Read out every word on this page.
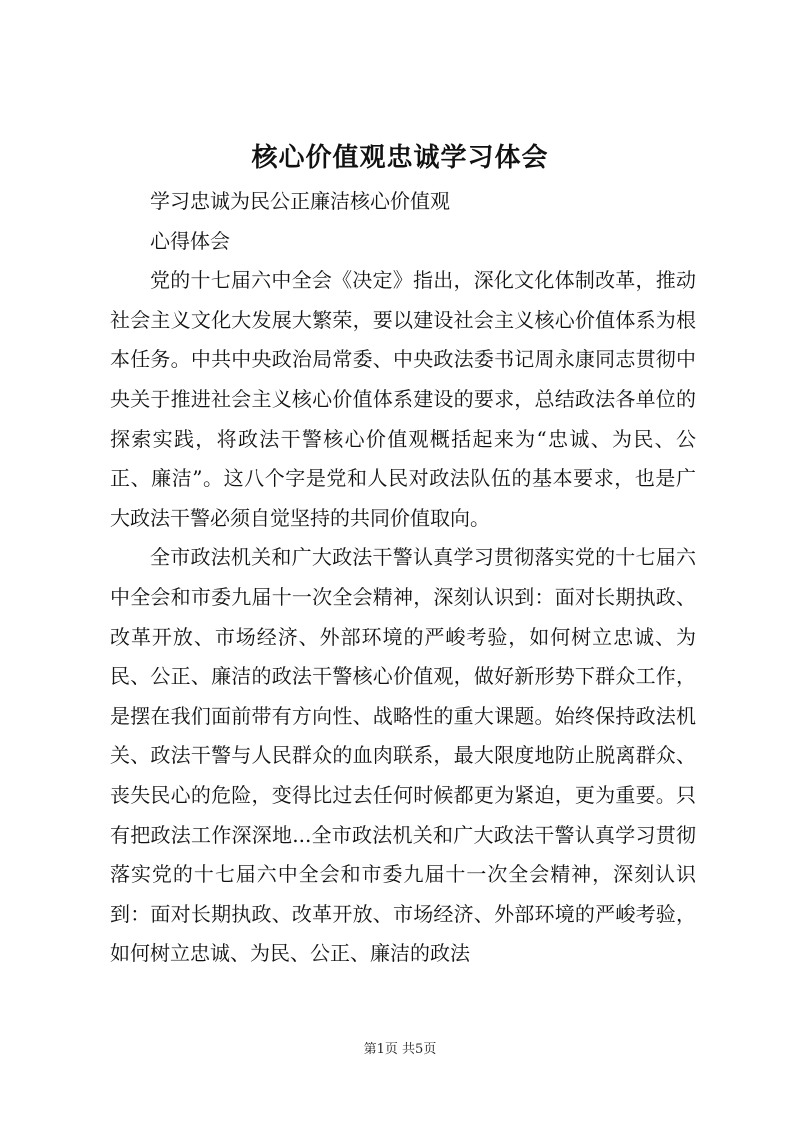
核心价值观忠诚学习体会

学习忠诚为民公正廉洁核心价值观

心得体会

党的十七届六中全会《决定》指出，深化文化体制改革，推动社会主义文化大发展大繁荣，要以建设社会主义核心价值体系为根本任务。中共中央政治局常委、中央政法委书记周永康同志贯彻中央关于推进社会主义核心价值体系建设的要求，总结政法各单位的探索实践，将政法干警核心价值观概括起来为“忠诚、为民、公正、廉洁”。这八个字是党和人民对政法队伍的基本要求，也是广大政法干警必须自觉坚持的共同价值取向。

全市政法机关和广大政法干警认真学习贯彻落实党的十七届六中全会和市委九届十一次全会精神，深刻认识到：面对长期执政、改革开放、市场经济、外部环境的严峻考验，如何树立忠诚、为民、公正、廉洁的政法干警核心价值观，做好新形势下群众工作，是摆在我们面前带有方向性、战略性的重大课题。始终保持政法机关、政法干警与人民群众的血肉联系，最大限度地防止脱离群众、丧失民心的危险，变得比过去任何时候都更为紧迫，更为重要。只有把政法工作深深地...全市政法机关和广大政法干警认真学习贯彻落实党的十七届六中全会和市委九届十一次全会精神，深刻认识到：面对长期执政、改革开放、市场经济、外部环境的严峻考验，如何树立忠诚、为民、公正、廉洁的政法

第1页 共5页
